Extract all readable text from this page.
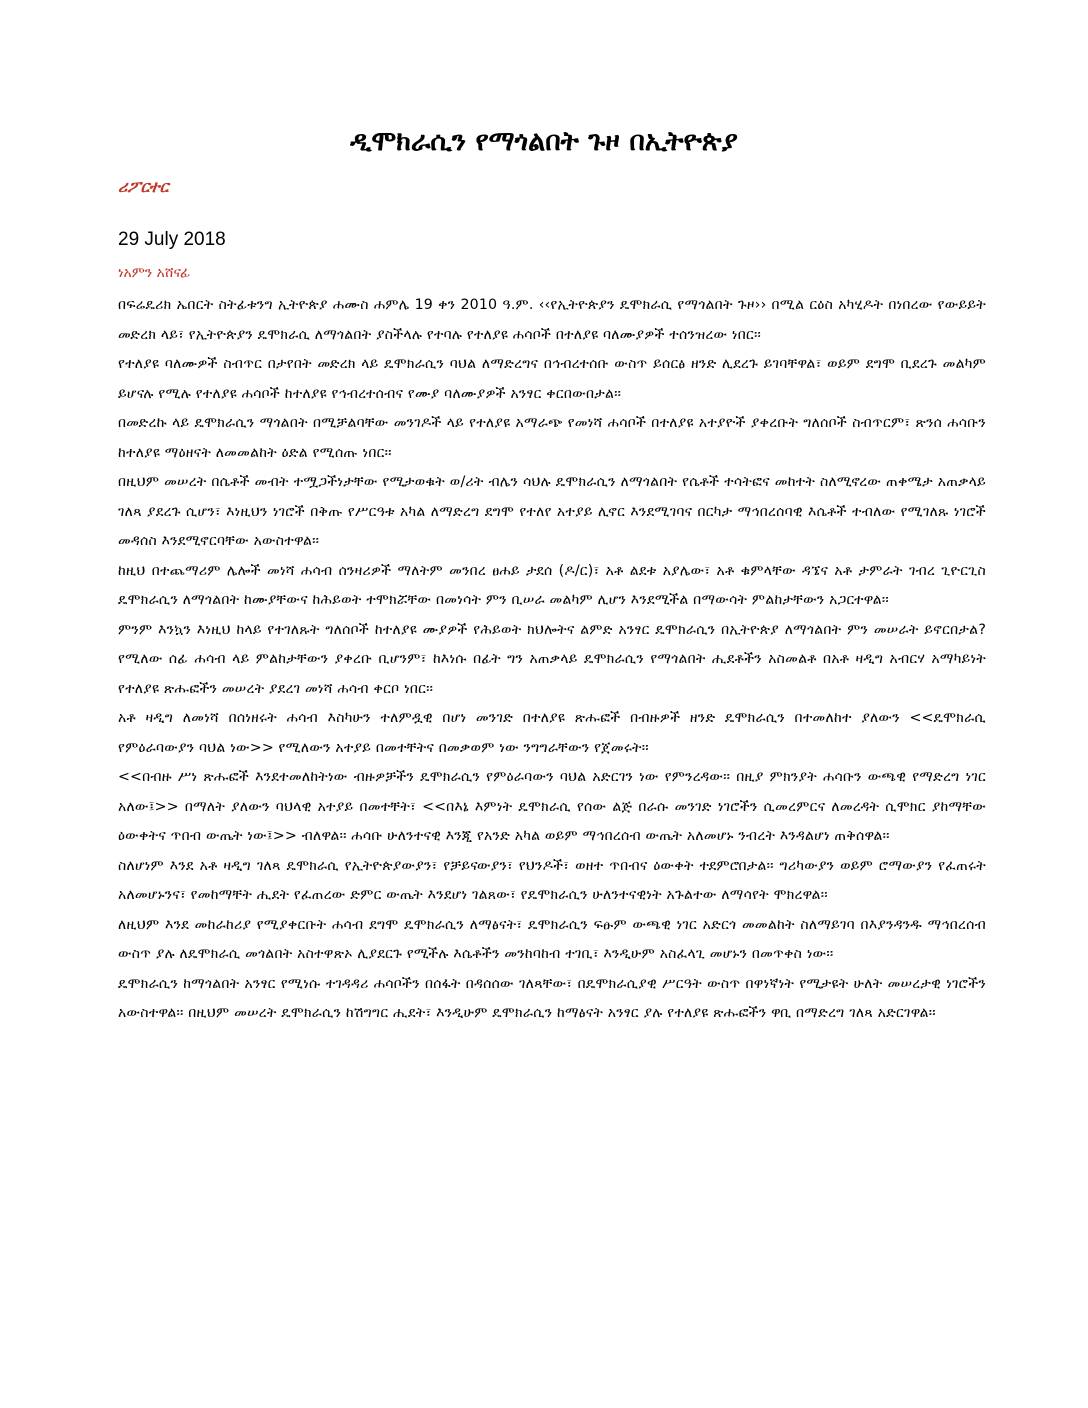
ዲሞክራሲን የማጎልበት ጉዞ በኢትዮጵያ

ሪፖርተር

29 July 2018

ነአምን አሸናፊ

በፍሬዴሪክ ኤበርት ስትፊቱንግ ኢትዮጵያ ሐሙስ ሐምሌ 19 ቀን 2010 ዓ.ም. ‹‹የኢትዮጵያን ዴሞክራሲ የማጎልበት ጉዞ›› በሚል ርዕስ አካሂዶት በነበረው የውይይት መድረክ ላይ፣ የኢትዮጵያን ዴሞክራሲ ለማጎልበት ያስችላሉ የተባሉ የተለያዩ ሐሳቦች በተለያዩ ባለሙያዎች ተሰንዝረው ነበር፡፡

የተለያዩ ባለሙዎች ስብጥር በታየበት መድረክ ላይ ዴሞክራሲን ባህል ለማድረግና በኅብረተሰቡ ውስጥ ይሰርፅ ዘንድ ሊደረጉ ይገባቸዋል፣ ወይም ደግሞ ቢደረጉ መልካም ይሆናሉ የሚሉ የተለያዩ ሐሳቦች ከተለያዩ የኅብረተሰብና የሙያ ባለሙያዎች አንፃር ቀርበውበታል፡፡

በመድረኩ ላይ ዴሞክራሲን ማጎልበት በሚቻልባቸው መንገዶች ላይ የተለያዩ አማራጭ የመነሻ ሐሳቦች በተለያዩ አተያዮች ያቀረቡት ግለሰቦች ስብጥርም፣ ጽንሰ ሐሳቡን ከተለያዩ ማዕዘናት ለመመልከት ዕድል የሚሰጡ ነበር፡፡

በዚህም መሠረት በሴቶች መብት ተሟጋችነታቸው የሚታወቁት ወ/ሪት ብሌን ሳህሉ ዴሞክራሲን ለማጎልበት የሴቶች ተሳትፎና መከተት ስለሚኖረው ጠቀሜታ አጠቃላይ ገለጻ ያደረጉ ሲሆን፣ እነዚህን ነገሮች በቅጡ የሥርዓቱ አካል ለማድረግ ደግሞ የተለየ አተያይ ሊኖር እንደሚገባና በርካታ ማኅበረሰባዊ እሴቶች ተብለው የሚገለጹ ነገሮች መዳሰስ እንደሚኖርባቸው አውስተዋል፡፡

ከዚህ በተጨማሪም ሌሎች መነሻ ሐሳብ ሰንዛሪዎች ማለትም መንበረ ፀሐይ ታደሰ (ዶ/ር)፣ አቶ ልደቱ አያሌው፣ አቶ ቁምላቸው ዳኜና አቶ ታምራት ገብረ ጊዮርጊስ ዴሞክራሲን ለማጎልበት ከሙያቸውና ከሕይወት ተሞክሯቸው በመነሳት ምን ቢሠራ መልካም ሊሆን እንደሚችል በማውሳት ምልከታቸውን አጋርተዋል፡፡

ምንም እንኳን እነዚህ ከላይ የተገለጹት ግለሰቦች ከተለያዩ ሙያዎች የሕይወት ክህሎትና ልምድ አንፃር ዴሞክራሲን በኢትዮጵያ ለማጎልበት ምን መሠራት ይኖርበታል? የሚለው ሰፊ ሐሳብ ላይ ምልከታቸውን ያቀረቡ ቢሆንም፣ ከእነሱ በፊት ግን አጠቃላይ ዴሞክራሲን የማጎልበት ሒደቶችን አስመልቶ በአቶ ዛዲግ አብርሃ አማካይነት የተለያዩ ጽሑፎችን መሠረት ያደረገ መነሻ ሐሳብ ቀርቦ ነበር፡፡

አቶ ዛዲግ ለመነሻ በሰነዘሩት ሐሳብ እስካሁን ተለምዷዊ በሆነ መንገድ በተለያዩ ጽሑፎች በብዙዎች ዘንድ ዴሞክራሲን በተመለከተ ያለውን <<ዴሞክራሲ የምዕራባውያን ባህል ነው>> የሚለውን አተያይ በመተቸትና በመቃወም ነው ንግግራቸውን የጀመሩት፡፡

<<በብዙ ሥነ ጽሑፎች እንደተመለከትነው ብዙዎቻችን ዴሞክራሲን የምዕራባውን ባህል አድርገን ነው የምንረዳው፡፡ በዚያ ምክንያት ሐሳቡን ውጫዊ የማድረግ ነገር አለው፤>> በማለት ያለውን ባህላዊ አተያይ በመተቸት፣ <<በእኔ እምነት ዴሞክራሲ የሰው ልጅ በራሱ መንገድ ነገሮችን ሲመረምርና ለመረዳት ሲሞክር ያከማቸው ዕውቀትና ጥበብ ውጤት ነው፤>> ብለዋል፡፡ ሐሳቡ ሁለንተናዊ እንጂ የአንድ አካል ወይም ማኅበረሰብ ውጤት አለመሆኑ ንብረት እንዳልሆነ ጠቅሰዋል፡፡

ስለሆነም እንደ አቶ ዛዲግ ገለጻ ዴሞክራሲ የኢትዮጵያውያን፣ የቻይናውያን፣ የህንዶች፣ ወዘተ ጥበብና ዕውቀት ተደምሮበታል፡፡ ግሪካውያን ወይም ሮማውያን የፈጠሩት አለመሆኑንና፣ የመከማቸት ሒደት የፈጠረው ድምር ውጤት እንደሆነ ገልጸው፣ የዴሞክራሲን ሁለንተናዊነት አጉልተው ለማሳየት ሞክረዋል፡፡

ለዚህም እንደ መከራከሪያ የሚያቀርቡት ሐሳብ ደግሞ ዴሞክራሲን ለማፅናት፣ ዴሞክራሲን ፍፁም ውጫዊ ነገር አድርጎ መመልከት ስለማይገባ በእያንዳንዱ ማኅበረሰብ ውስጥ ያሉ ለዴሞክራሲ መጎልበት አስተዋጽኦ ሊያደርጉ የሚችሉ እሴቶችን መንከባከብ ተገቢ፣ እንዲሁም አስፈላጊ መሆኑን በመጥቀስ ነው፡፡

ዴሞክራሲን ከማጎልበት አንፃር የሚነሱ ተገዳዳሪ ሐሳቦችን በሰፋት በዳሰሰው ገለጻቸው፣ በዴሞክራሲያዊ ሥርዓት ውስጥ በዋነኛነት የሚታዩት ሁለት መሠረታዊ ነገሮችን አውስተዋል፡፡ በዚህም መሠረት ዴሞክራሲን ከሽግግር ሒደት፣ እንዲሁም ዴሞክራሲን ከማፅናት አንፃር ያሉ የተለያዩ ጽሑፎችን ዋቢ በማድረግ ገለጻ አድርገዋል፡፡
